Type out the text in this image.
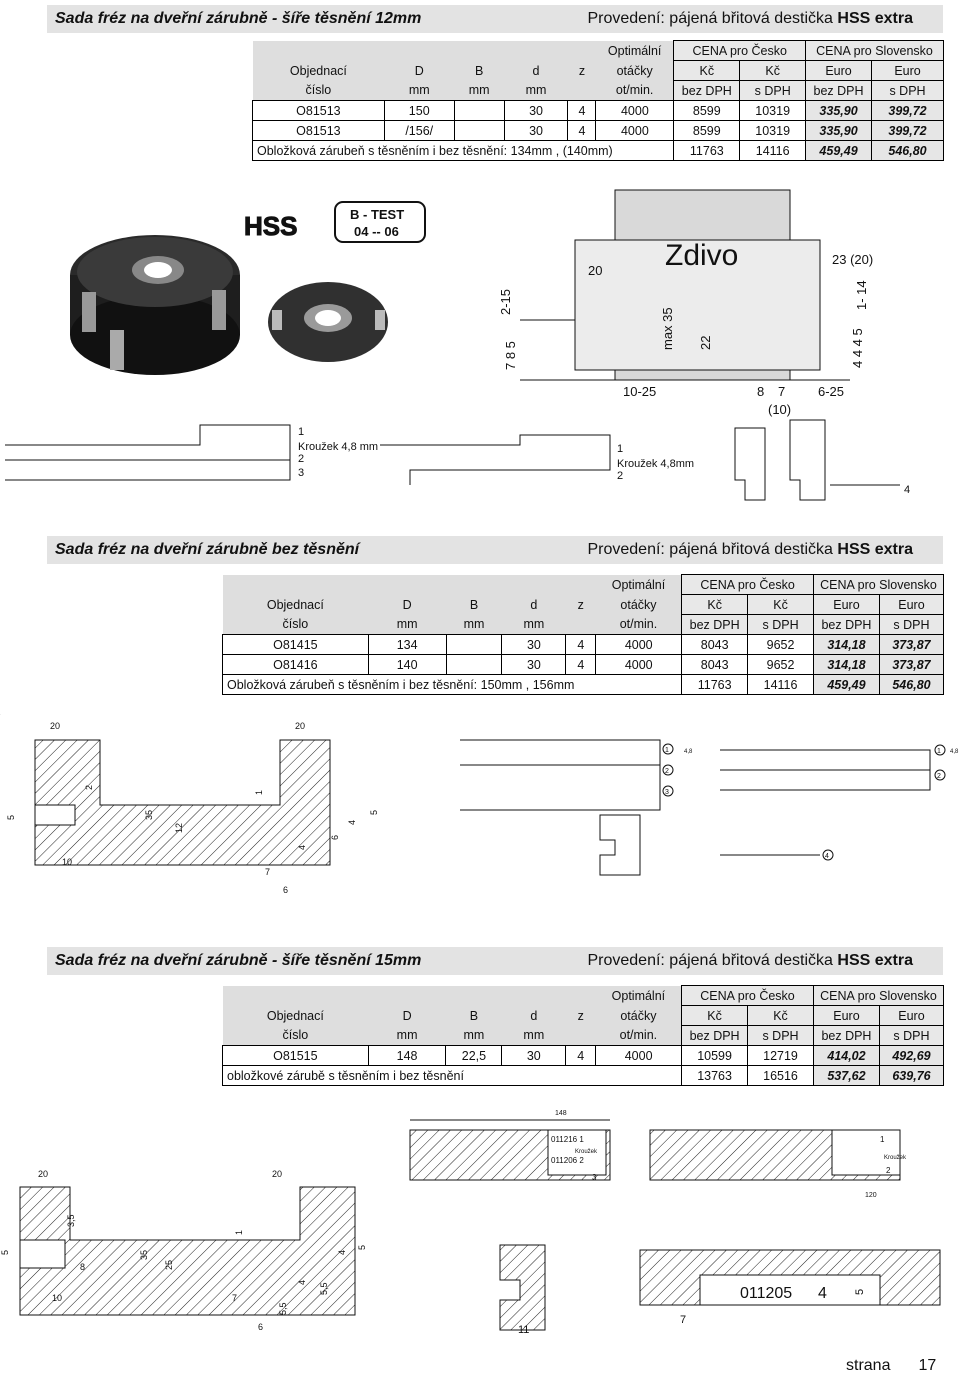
Sada fréz na dveřní zárubně - šíře těsnění 12mm	Provedení: pájená břitová destička HSS extra
					Optimální	CENA pro Česko		CENA pro Slovensko	
Objednací	D	B	d	z	otáčky	Kč	Kč	Euro	Euro
číslo	mm	mm	mm		ot/min.	bez DPH	s DPH	bez DPH	s DPH
O81513	150		30	4	4000	8599	10319	335,90	399,72
O81513	/156/		30	4	4000	8599	10319	335,90	399,72
Obložková zárubeň s těsněním i bez těsnění: 134mm , (140mm)						11763	14116	459,49	546,80
HSS	B - TEST
04 -- 06
Zdivo
20
23 (20)
2-15
7 8 5
max 35 22
1- 14
4 4 4 5
10-25	8 7
(10)
6-25
1
Kroužek 4,8 mm
2
3
1
Kroužek 4,8mm
2
4
Sada fréz na dveřní zárubně bez těsnění	Provedení: pájená břitová destička HSS extra
					Optimální	CENA pro Česko		CENA pro Slovensko	
Objednací	D	B	d	z	otáčky	Kč	Kč	Euro	Euro
číslo	mm	mm	mm		ot/min.	bez DPH	s DPH	bez DPH	s DPH
O81415	134		30	4	4000	8043	9652	314,18	373,87
O81416	140		30	4	4000	8043	9652	314,18	373,87
Obložková zárubeň s těsněním i bez těsnění: 150mm , 156mm						11763	14116	459,49	546,80
20	20
5
2
35
12
10
1
6
7
6
4
4
5
1
2
3
4,8	1
2
4,8
4
4
Sada fréz na dveřní zárubně - šíře těsnění 15mm	Provedení: pájená břitová destička HSS extra
					Optimální	CENA pro Česko		CENA pro Slovensko	
Objednací	D	B	d	z	otáčky	Kč	Kč	Euro	Euro
číslo	mm	mm	mm		ot/min.	bez DPH	s DPH	bez DPH	s DPH
O81515	148	22,5	30	4	4000	10599	12719	414,02	492,69
obložkové zárubě s těsněním i bez těsnění						13763	16516	537,62	639,76
148
011216 1
011206 2
Kroužek
3
1
Kroužek
2
120
20	20
5
3,5
35
25
8
10	7
6
5,5
4 5,5
4
5
1
11
011205 4 5
7
strana 17
